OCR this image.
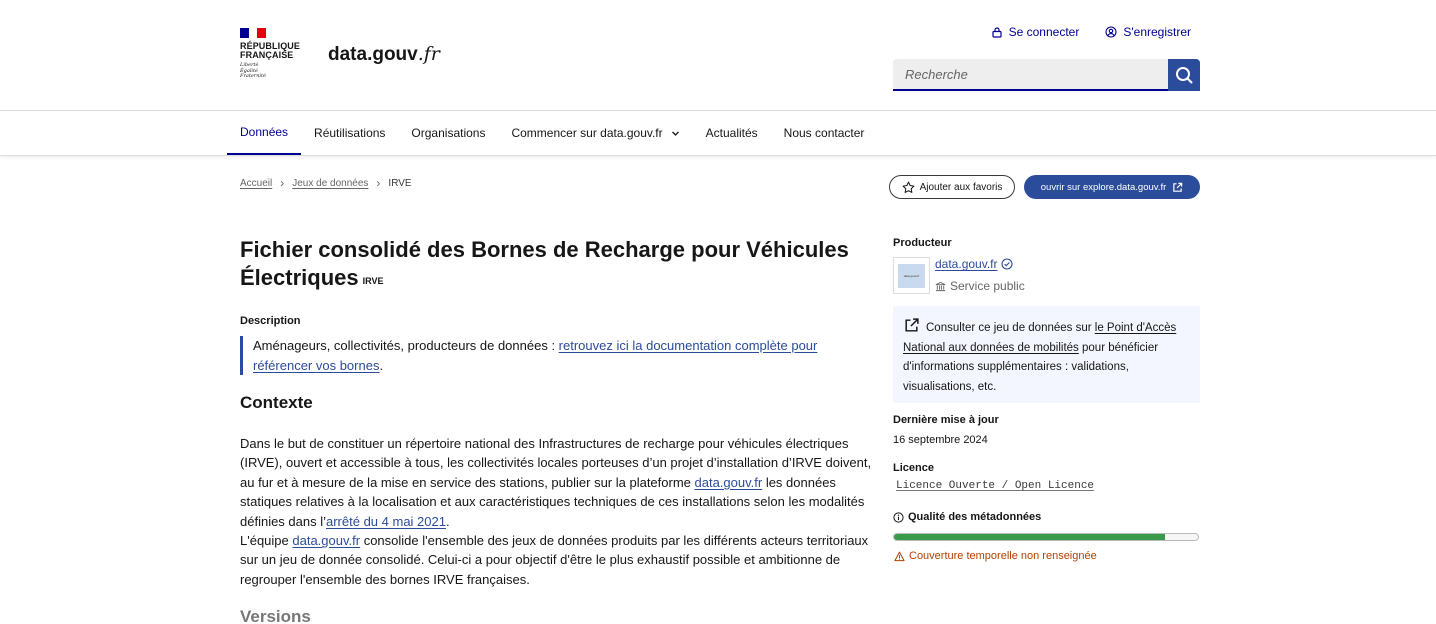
RÉPUBLIQUE
FRANÇAISE
Liberté
Égalité
Fraternité
data.gouv.fr
Se connecter	S'enregistrer
Recherche
Données Réutilisations Organisations Commencer sur data.gouv.fr	Actualités Nous contacter
Accueil › Jeux de données › IRVE	Ajouter aux favoris	ouvrir sur explore.data.gouv.fr
Fichier consolidé des Bornes de Recharge pour Véhicules Électriques IRVE
Description
Aménageurs, collectivités, producteurs de données : retrouvez ici la documentation complète pour référencer vos bornes.
Contexte
Dans le but de constituer un répertoire national des Infrastructures de recharge pour véhicules électriques (IRVE), ouvert et accessible à tous, les collectivités locales porteuses d’un projet d’installation d’IRVE doivent, au fur et à mesure de la mise en service des stations, publier sur la plateforme data.gouv.fr les données statiques relatives à la localisation et aux caractéristiques techniques de ces installations selon les modalités définies dans l’arrêté du 4 mai 2021.
L'équipe data.gouv.fr consolide l'ensemble des jeux de données produits par les différents acteurs territoriaux sur un jeu de donnée consolidé. Celui-ci a pour objectif d'être le plus exhaustif possible et ambitionne de regrouper l'ensemble des bornes IRVE françaises.
Versions
Producteur
data.gouv.fr
data.gouv.fr
Service public
Consulter ce jeu de données sur le Point d'Accès National aux données de mobilités pour bénéficier d'informations supplémentaires : validations, visualisations, etc.
Dernière mise à jour
16 septembre 2024
Licence
Licence Ouverte / Open Licence
Qualité des métadonnées
Couverture temporelle non renseignée
